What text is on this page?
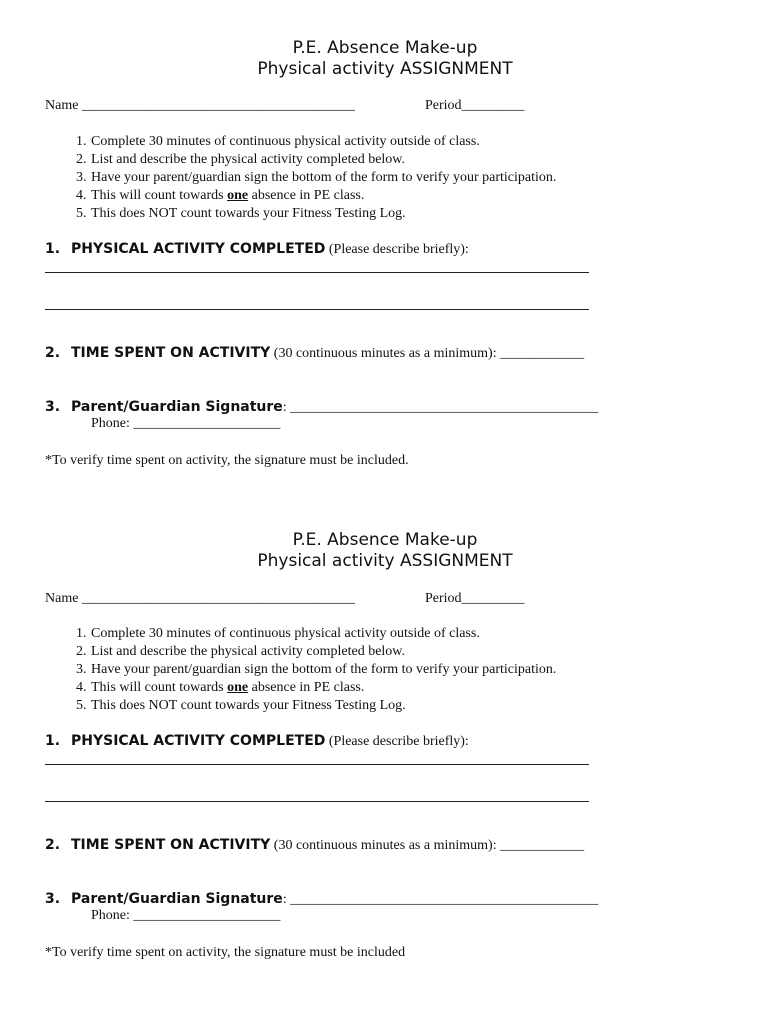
P.E. Absence Make-up
Physical activity ASSIGNMENT
Name _______________________________________	Period_________
1. Complete 30 minutes of continuous physical activity outside of class.
2. List and describe the physical activity completed below.
3. Have your parent/guardian sign the bottom of the form to verify your participation.
4. This will count towards one absence in PE class.
5. This does NOT count towards your Fitness Testing Log.
1. PHYSICAL ACTIVITY COMPLETED (Please describe briefly):
2. TIME SPENT ON ACTIVITY (30 continuous minutes as a minimum): ____________
3. Parent/Guardian Signature: ____________________________________________
Phone: _____________________
*To verify time spent on activity, the signature must be included.
P.E. Absence Make-up
Physical activity ASSIGNMENT
Name _______________________________________	Period_________
1. Complete 30 minutes of continuous physical activity outside of class.
2. List and describe the physical activity completed below.
3. Have your parent/guardian sign the bottom of the form to verify your participation.
4. This will count towards one absence in PE class.
5. This does NOT count towards your Fitness Testing Log.
1. PHYSICAL ACTIVITY COMPLETED (Please describe briefly):
2. TIME SPENT ON ACTIVITY (30 continuous minutes as a minimum): ____________
3. Parent/Guardian Signature: ____________________________________________
Phone: _____________________
*To verify time spent on activity, the signature must be included
